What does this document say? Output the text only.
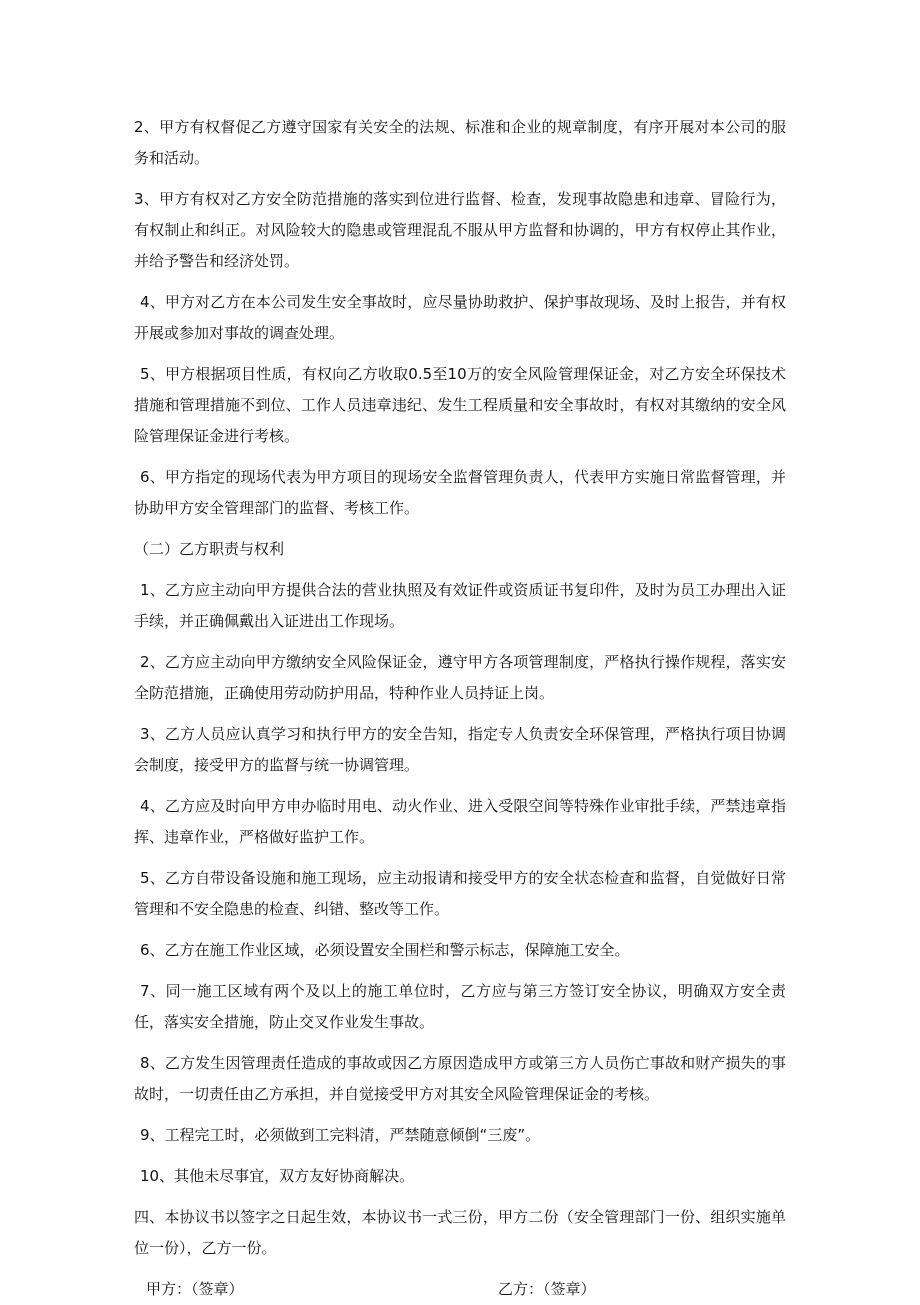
2、甲方有权督促乙方遵守国家有关安全的法规、标准和企业的规章制度，有序开展对本公司的服务和活动。

3、甲方有权对乙方安全防范措施的落实到位进行监督、检查，发现事故隐患和违章、冒险行为，有权制止和纠正。对风险较大的隐患或管理混乱不服从甲方监督和协调的，甲方有权停止其作业，并给予警告和经济处罚。

4、甲方对乙方在本公司发生安全事故时，应尽量协助救护、保护事故现场、及时上报告，并有权开展或参加对事故的调查处理。

5、甲方根据项目性质，有权向乙方收取0.5至10万的安全风险管理保证金，对乙方安全环保技术措施和管理措施不到位、工作人员违章违纪、发生工程质量和安全事故时，有权对其缴纳的安全风险管理保证金进行考核。

6、甲方指定的现场代表为甲方项目的现场安全监督管理负责人，代表甲方实施日常监督管理，并协助甲方安全管理部门的监督、考核工作。

（二）乙方职责与权利

1、乙方应主动向甲方提供合法的营业执照及有效证件或资质证书复印件，及时为员工办理出入证手续，并正确佩戴出入证进出工作现场。

2、乙方应主动向甲方缴纳安全风险保证金，遵守甲方各项管理制度，严格执行操作规程，落实安全防范措施，正确使用劳动防护用品，特种作业人员持证上岗。

3、乙方人员应认真学习和执行甲方的安全告知，指定专人负责安全环保管理，严格执行项目协调会制度，接受甲方的监督与统一协调管理。

4、乙方应及时向甲方申办临时用电、动火作业、进入受限空间等特殊作业审批手续，严禁违章指挥、违章作业，严格做好监护工作。

5、乙方自带设备设施和施工现场，应主动报请和接受甲方的安全状态检查和监督，自觉做好日常管理和不安全隐患的检查、纠错、整改等工作。

6、乙方在施工作业区域，必须设置安全围栏和警示标志，保障施工安全。

7、同一施工区域有两个及以上的施工单位时，乙方应与第三方签订安全协议，明确双方安全责任，落实安全措施，防止交叉作业发生事故。

8、乙方发生因管理责任造成的事故或因乙方原因造成甲方或第三方人员伤亡事故和财产损失的事故时，一切责任由乙方承担，并自觉接受甲方对其安全风险管理保证金的考核。

9、工程完工时，必须做到工完料清，严禁随意倾倒“三废”。

10、其他未尽事宜，双方友好协商解决。

四、本协议书以签字之日起生效，本协议书一式三份，甲方二份（安全管理部门一份、组织实施单位一份），乙方一份。

甲方：（签章）	乙方：（签章）
